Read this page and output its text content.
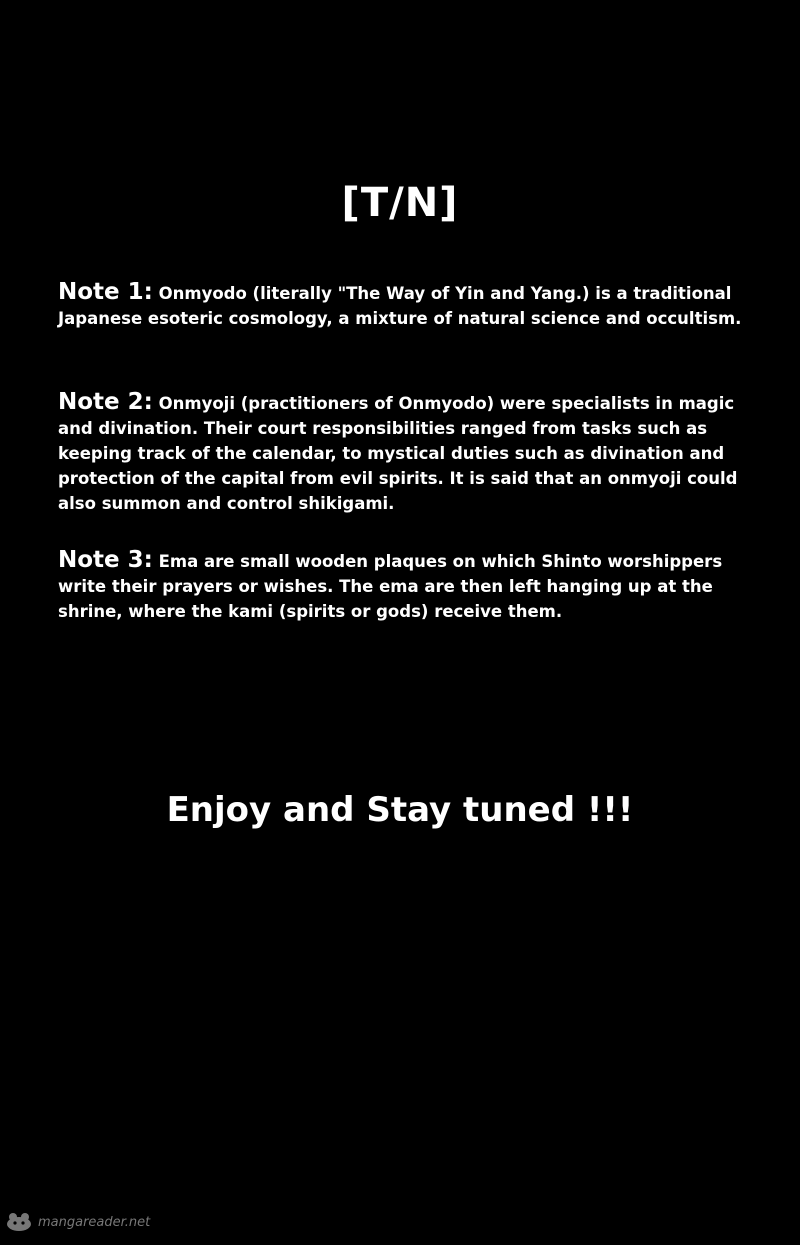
[T/N]
Note 1: Onmyodo (literally "The Way of Yin and Yang.) is a traditional Japanese esoteric cosmology, a mixture of natural science and occultism.
Note 2: Onmyoji (practitioners of Onmyodo) were specialists in magic and divination. Their court responsibilities ranged from tasks such as keeping track of the calendar, to mystical duties such as divination and protection of the capital from evil spirits. It is said that an onmyoji could also summon and control shikigami.
Note 3: Ema are small wooden plaques on which Shinto worshippers write their prayers or wishes. The ema are then left hanging up at the shrine, where the kami (spirits or gods) receive them.
Enjoy and Stay tuned !!!
mangareader.net
